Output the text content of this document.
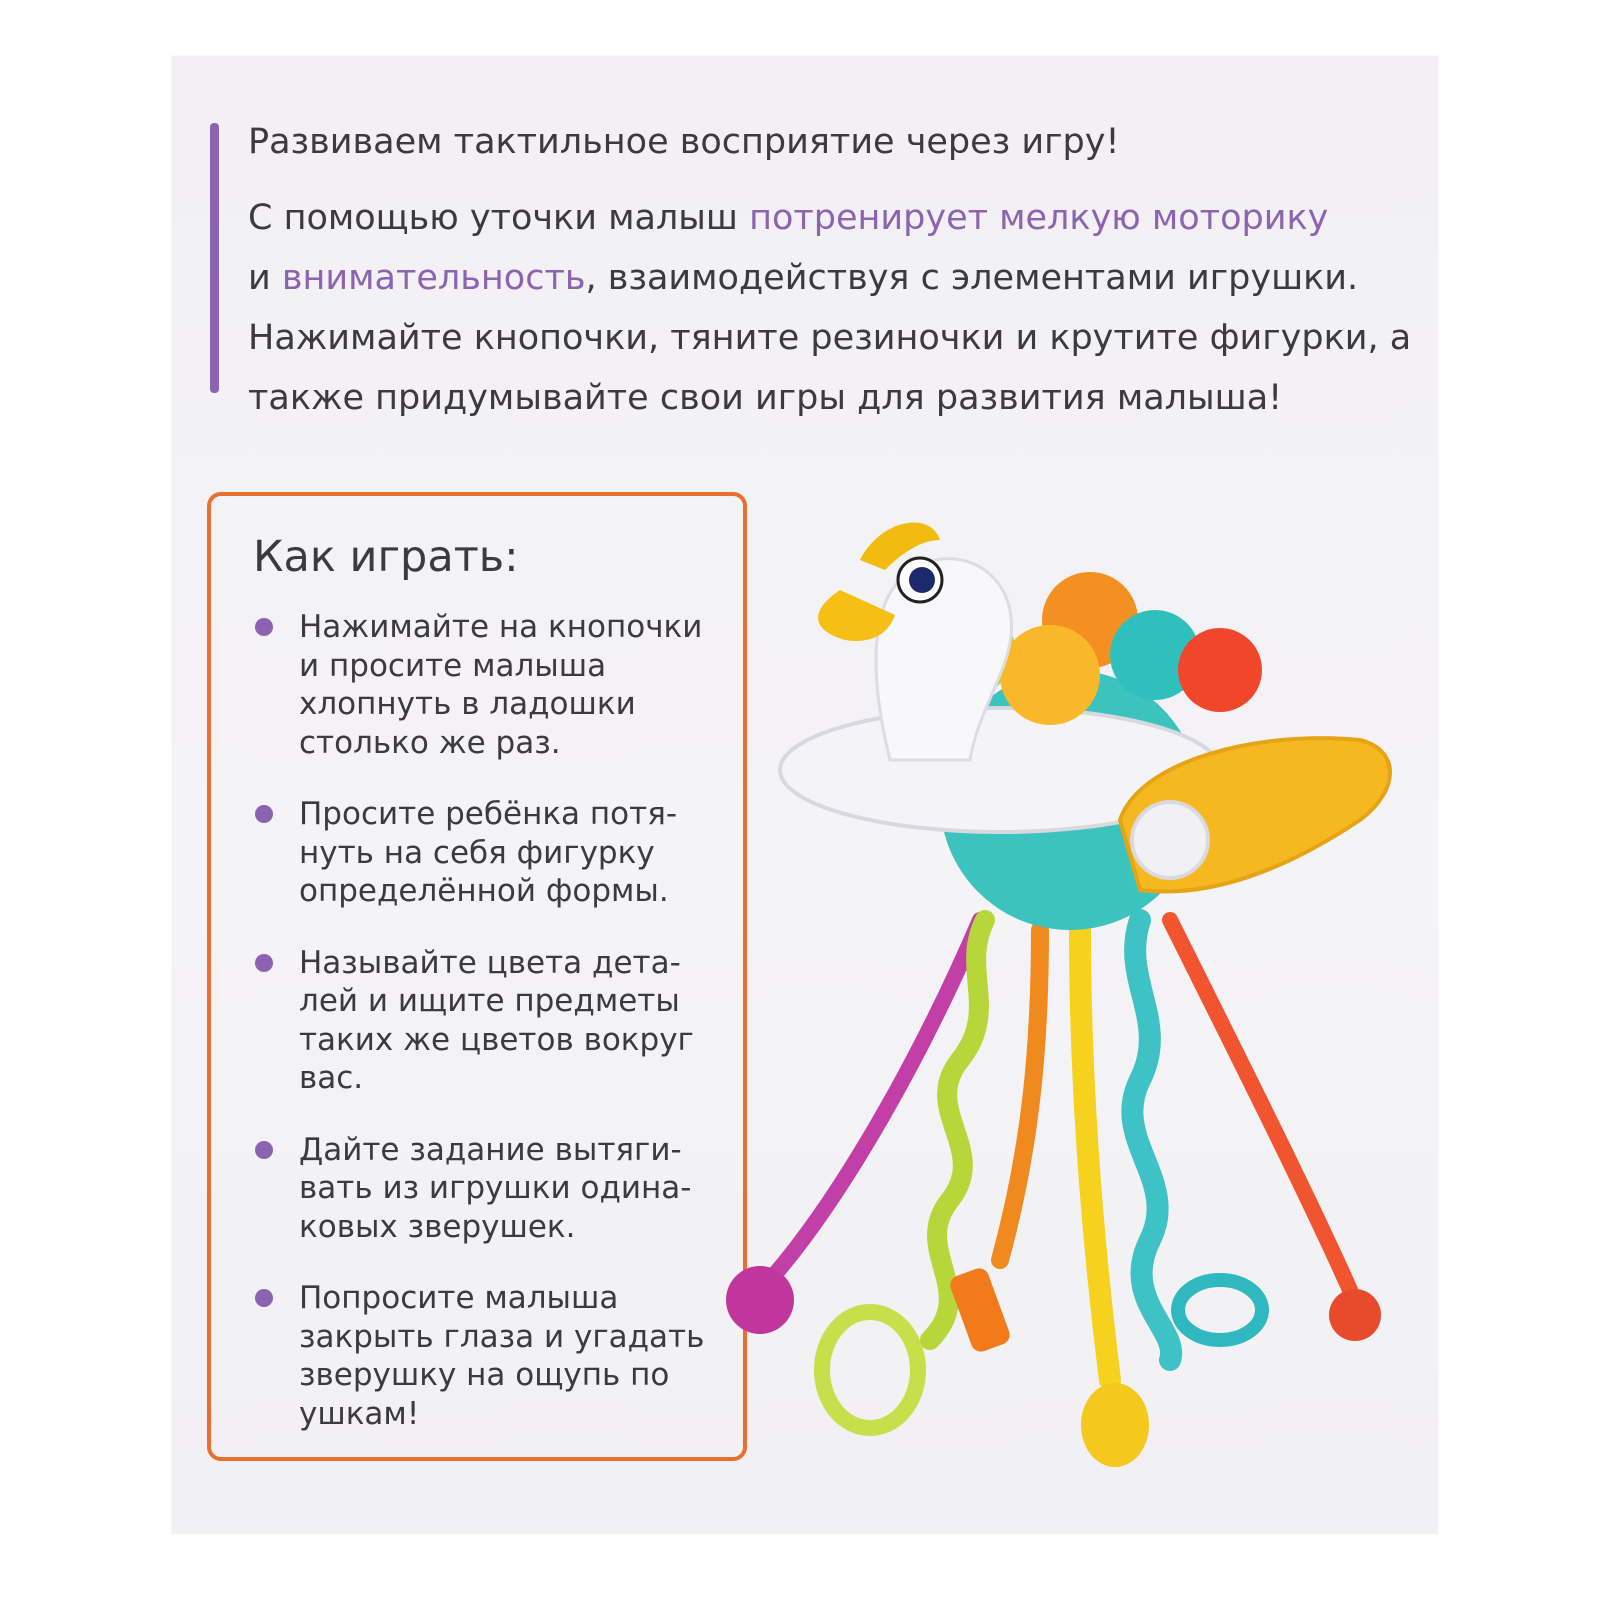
Развиваем тактильное восприятие через игру!

С помощью уточки малыш потренирует мелкую моторику
и внимательность, взаимодействуя с элементами игрушки. Нажимайте кнопочки, тяните резиночки и крутите фигурки, а также придумывайте свои игры для развития малыша!

Как играть:
Нажимайте на кнопочки и просите малыша хлопнуть в ладошки столько же раз.
Просите ребёнка потя-нуть на себя фигурку определённой формы.
Называйте цвета дета-лей и ищите предметы таких же цветов вокруг вас.
Дайте задание вытяги-вать из игрушки одина-ковых зверушек.
Попросите малыша закрыть глаза и угадать зверушку на ощупь по ушкам!
